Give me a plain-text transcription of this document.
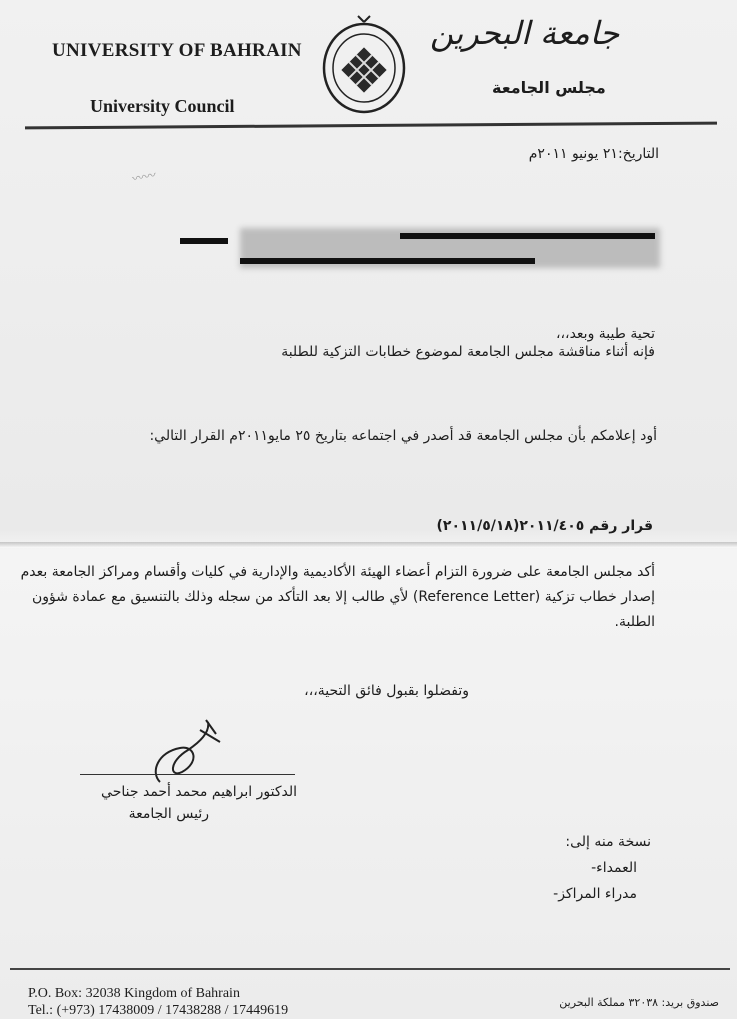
UNIVERSITY OF BAHRAIN
University Council
جامعة البحرين
مجلس الجامعة
التاريخ:٢١ يونيو ٢٠١١م
〰〰
تحية طيبة وبعد،،،
فإنه أثناء مناقشة مجلس الجامعة لموضوع خطابات التزكية للطلبة
أود إعلامكم بأن مجلس الجامعة قد أصدر في اجتماعه بتاريخ ٢٥ مايو٢٠١١م القرار التالي:
قرار رقم ٢٠١١/٤٠٥(٢٠١١/٥/١٨)
أكد مجلس الجامعة على ضرورة التزام أعضاء الهيئة الأكاديمية والإدارية في كليات وأقسام ومراكز الجامعة بعدم إصدار خطاب تزكية (Reference Letter) لأي طالب إلا بعد التأكد من سجله وذلك بالتنسيق مع عمادة شؤون الطلبة.
وتفضلوا بقبول فائق التحية،،،
الدكتور ابراهيم محمد أحمد جناحي
رئيس الجامعة
نسخة منه إلى:
العمداء-
مدراء المراكز-
P.O. Box: 32038 Kingdom of Bahrain
Tel.: (+973) 17438009 / 17438288 / 17449619
صندوق بريد: ٣٢٠٣٨ مملكة البحرين
